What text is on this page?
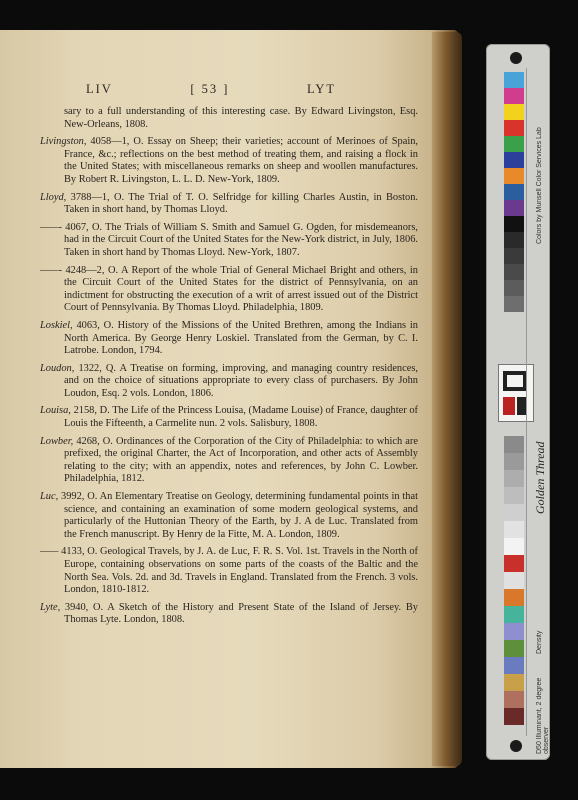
LIV	[ 53 ]	LYT
sary to a full understanding of this interesting case. By Edward Livingston, Esq. New-Orleans, 1808.
Livingston, 4058—1, O. Essay on Sheep; their varieties; account of Merinoes of Spain, France, &c.; reflections on the best method of treating them, and raising a flock in the United States; with miscellaneous remarks on sheep and woollen manufactures. By Robert R. Livingston, L. L. D. New-York, 1809.
Lloyd, 3788—1, O. The Trial of T. O. Selfridge for killing Charles Austin, in Boston. Taken in short hand, by Thomas Lloyd.
——- 4067, O. The Trials of William S. Smith and Samuel G. Ogden, for misdemeanors, had in the Circuit Court of the United States for the New-York district, in July, 1806. Taken in short hand by Thomas Lloyd. New-York, 1807.
——- 4248—2, O. A Report of the whole Trial of General Michael Bright and others, in the Circuit Court of the United States for the district of Pennsylvania, on an indictment for obstructing the execution of a writ of arrest issued out of the District Court of Pennsylvania. By Thomas Lloyd. Philadelphia, 1809.
Loskiel, 4063, O. History of the Missions of the United Brethren, among the Indians in North America. By George Henry Loskiel. Translated from the German, by C. I. Latrobe. London, 1794.
Loudon, 1322, Q. A Treatise on forming, improving, and managing country residences, and on the choice of situations appropriate to every class of purchasers. By John Loudon, Esq. 2 vols. London, 1806.
Louisa, 2158, D. The Life of the Princess Louisa, (Madame Louise) of France, daughter of Louis the Fifteenth, a Carmelite nun. 2 vols. Salisbury, 1808.
Lowber, 4268, O. Ordinances of the Corporation of the City of Philadelphia: to which are prefixed, the original Charter, the Act of Incorporation, and other acts of Assembly relating to the city; with an appendix, notes and references, by John C. Lowber. Philadelphia, 1812.
Luc, 3992, O. An Elementary Treatise on Geology, determining fundamental points in that science, and containing an examination of some modern geological systems, and particularly of the Huttonian Theory of the Earth, by J. A de Luc. Translated from the French manuscript. By Henry de la Fitte, M. A. London, 1809.
—— 4133, O. Geological Travels, by J. A. de Luc, F. R. S. Vol. 1st. Travels in the North of Europe, containing observations on some parts of the coasts of the Baltic and the North Sea. Vols. 2d. and 3d. Travels in England. Translated from the French. 3 vols. London, 1810-1812.
Lyte, 3940, O. A Sketch of the History and Present State of the Island of Jersey. By Thomas Lyte. London, 1808.
Colors by Munsell Color Services Lab
Golden Thread
Density
D50 Illuminant, 2 degree observer
